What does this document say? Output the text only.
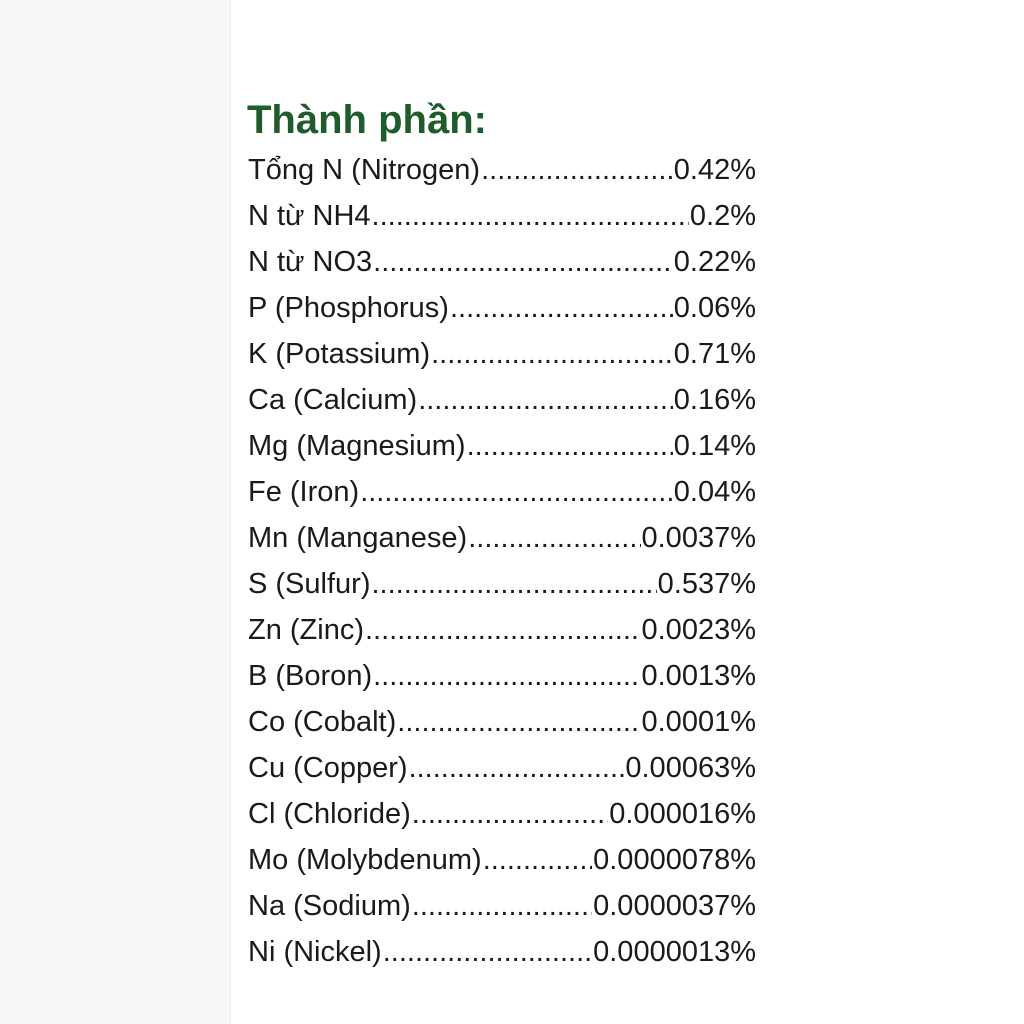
Thành phần:
Tổng N (Nitrogen) .....	0.42%
N từ NH4 .....	0.2%
N từ NO3 .....	0.22%
P (Phosphorus) .....	0.06%
K (Potassium) .....	0.71%
Ca (Calcium) .....	0.16%
Mg (Magnesium) .....	0.14%
Fe (Iron) .....	0.04%
Mn (Manganese) .....	0.0037%
S (Sulfur) .....	0.537%
Zn (Zinc) .....	0.0023%
B (Boron) .....	0.0013%
Co (Cobalt) .....	0.0001%
Cu (Copper) .....	0.00063%
Cl (Chloride) .....	0.000016%
Mo (Molybdenum) .....	0.0000078%
Na (Sodium) .....	0.0000037%
Ni (Nickel) .....	0.0000013%
